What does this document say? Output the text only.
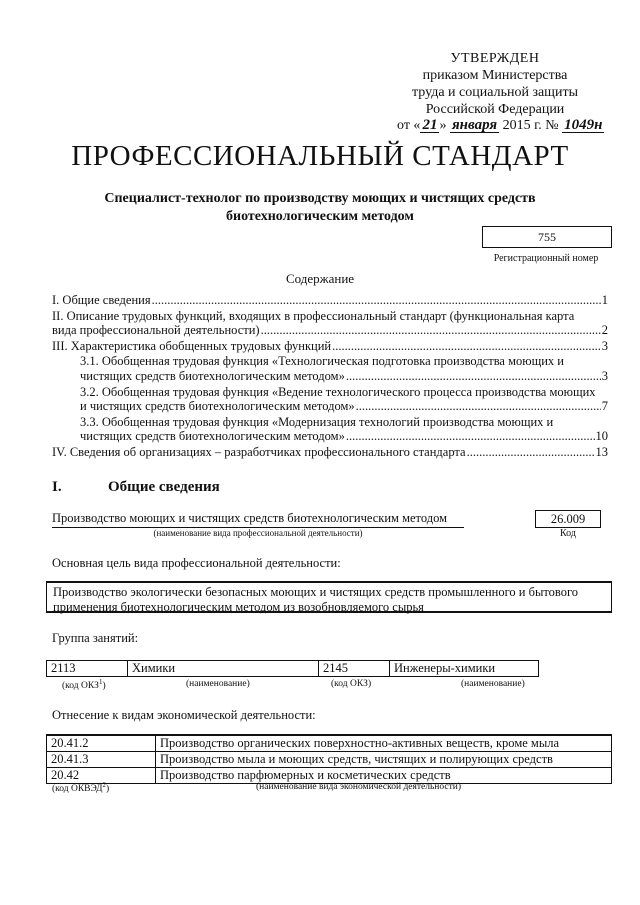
УТВЕРЖДЕН
приказом Министерства
труда и социальной защиты
Российской Федерации
от « 21 » января 2015 г. № 1049н
ПРОФЕССИОНАЛЬНЫЙ СТАНДАРТ
Специалист-технолог по производству моющих и чистящих средств
биотехнологическим методом
755
Регистрационный номер
Содержание
I. Общие сведения .....	1
II. Описание трудовых функций, входящих в профессиональный стандарт (функциональная карта
вида профессиональной деятельности) .....	2
III. Характеристика обобщенных трудовых функций .....	3
3.1. Обобщенная трудовая функция «Технологическая подготовка производства моющих и
чистящих средств биотехнологическим методом» .....	3
3.2. Обобщенная трудовая функция «Ведение технологического процесса производства моющих
и чистящих средств биотехнологическим методом» .....	7
3.3. Обобщенная трудовая функция «Модернизация технологий производства моющих и
чистящих средств биотехнологическим методом» .....	10
IV. Сведения об организациях – разработчиках профессионального стандарта .....	13
I.	Общие сведения
Производство моющих и чистящих средств биотехнологическим методом
(наименование вида профессиональной деятельности)
26.009
Код
Основная цель вида профессиональной деятельности:
Производство экологически безопасных моющих и чистящих средств промышленного и бытового
применения биотехнологическим методом из возобновляемого сырья
Группа занятий:
2113	Химики	2145	Инженеры-химики
(код ОКЗ$^1$)	(наименование)	(код ОКЗ)	(наименование)
Отнесение к видам экономической деятельности:
20.41.2	Производство органических поверхностно-активных веществ, кроме мыла
20.41.3	Производство мыла и моющих средств, чистящих и полирующих средств
20.42	Производство парфюмерных и косметических средств
(код ОКВЭД$^2$)	(наименование вида экономической деятельности)
